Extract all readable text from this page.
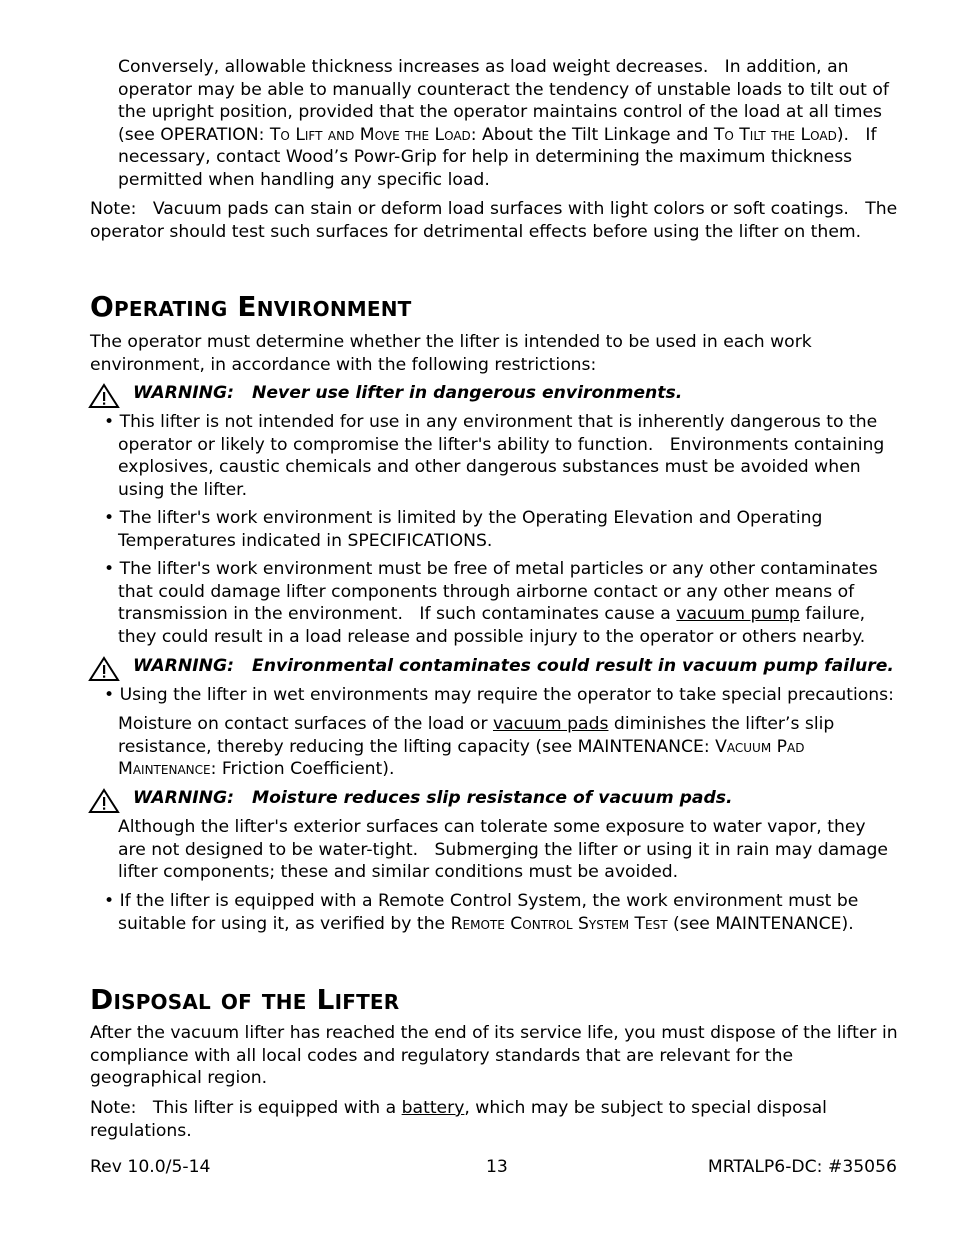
Conversely, allowable thickness increases as load weight decreases.   In addition, an operator may be able to manually counteract the tendency of unstable loads to tilt out of the upright position, provided that the operator maintains control of the load at all times (see OPERATION: To Lift and Move the Load: About the Tilt Linkage and To Tilt the Load).   If necessary, contact Wood’s Powr-Grip for help in determining the maximum thickness permitted when handling any specific load.

Note:   Vacuum pads can stain or deform load surfaces with light colors or soft coatings.   The operator should test such surfaces for detrimental effects before using the lifter on them.

Operating Environment

The operator must determine whether the lifter is intended to be used in each work environment, in accordance with the following restrictions:

WARNING:   Never use lifter in dangerous environments.

• This lifter is not intended for use in any environment that is inherently dangerous to the operator or likely to compromise the lifter's ability to function.   Environments containing explosives, caustic chemicals and other dangerous substances must be avoided when using the lifter.

• The lifter's work environment is limited by the Operating Elevation and Operating Temperatures indicated in SPECIFICATIONS.

• The lifter's work environment must be free of metal particles or any other contaminates that could damage lifter components through airborne contact or any other means of transmission in the environment.   If such contaminates cause a vacuum pump failure, they could result in a load release and possible injury to the operator or others nearby.

WARNING:   Environmental contaminates could result in vacuum pump failure.

• Using the lifter in wet environments may require the operator to take special precautions:

Moisture on contact surfaces of the load or vacuum pads diminishes the lifter’s slip resistance, thereby reducing the lifting capacity (see MAINTENANCE: Vacuum Pad Maintenance: Friction Coefficient).

WARNING:   Moisture reduces slip resistance of vacuum pads.

Although the lifter's exterior surfaces can tolerate some exposure to water vapor, they are not designed to be water-tight.   Submerging the lifter or using it in rain may damage lifter components; these and similar conditions must be avoided.

• If the lifter is equipped with a Remote Control System, the work environment must be suitable for using it, as verified by the Remote Control System Test (see MAINTENANCE).

Disposal of the Lifter

After the vacuum lifter has reached the end of its service life, you must dispose of the lifter in compliance with all local codes and regulatory standards that are relevant for the geographical region.

Note:   This lifter is equipped with a battery, which may be subject to special disposal regulations.

Rev 10.0/5-14	13	MRTALP6-DC: #35056
